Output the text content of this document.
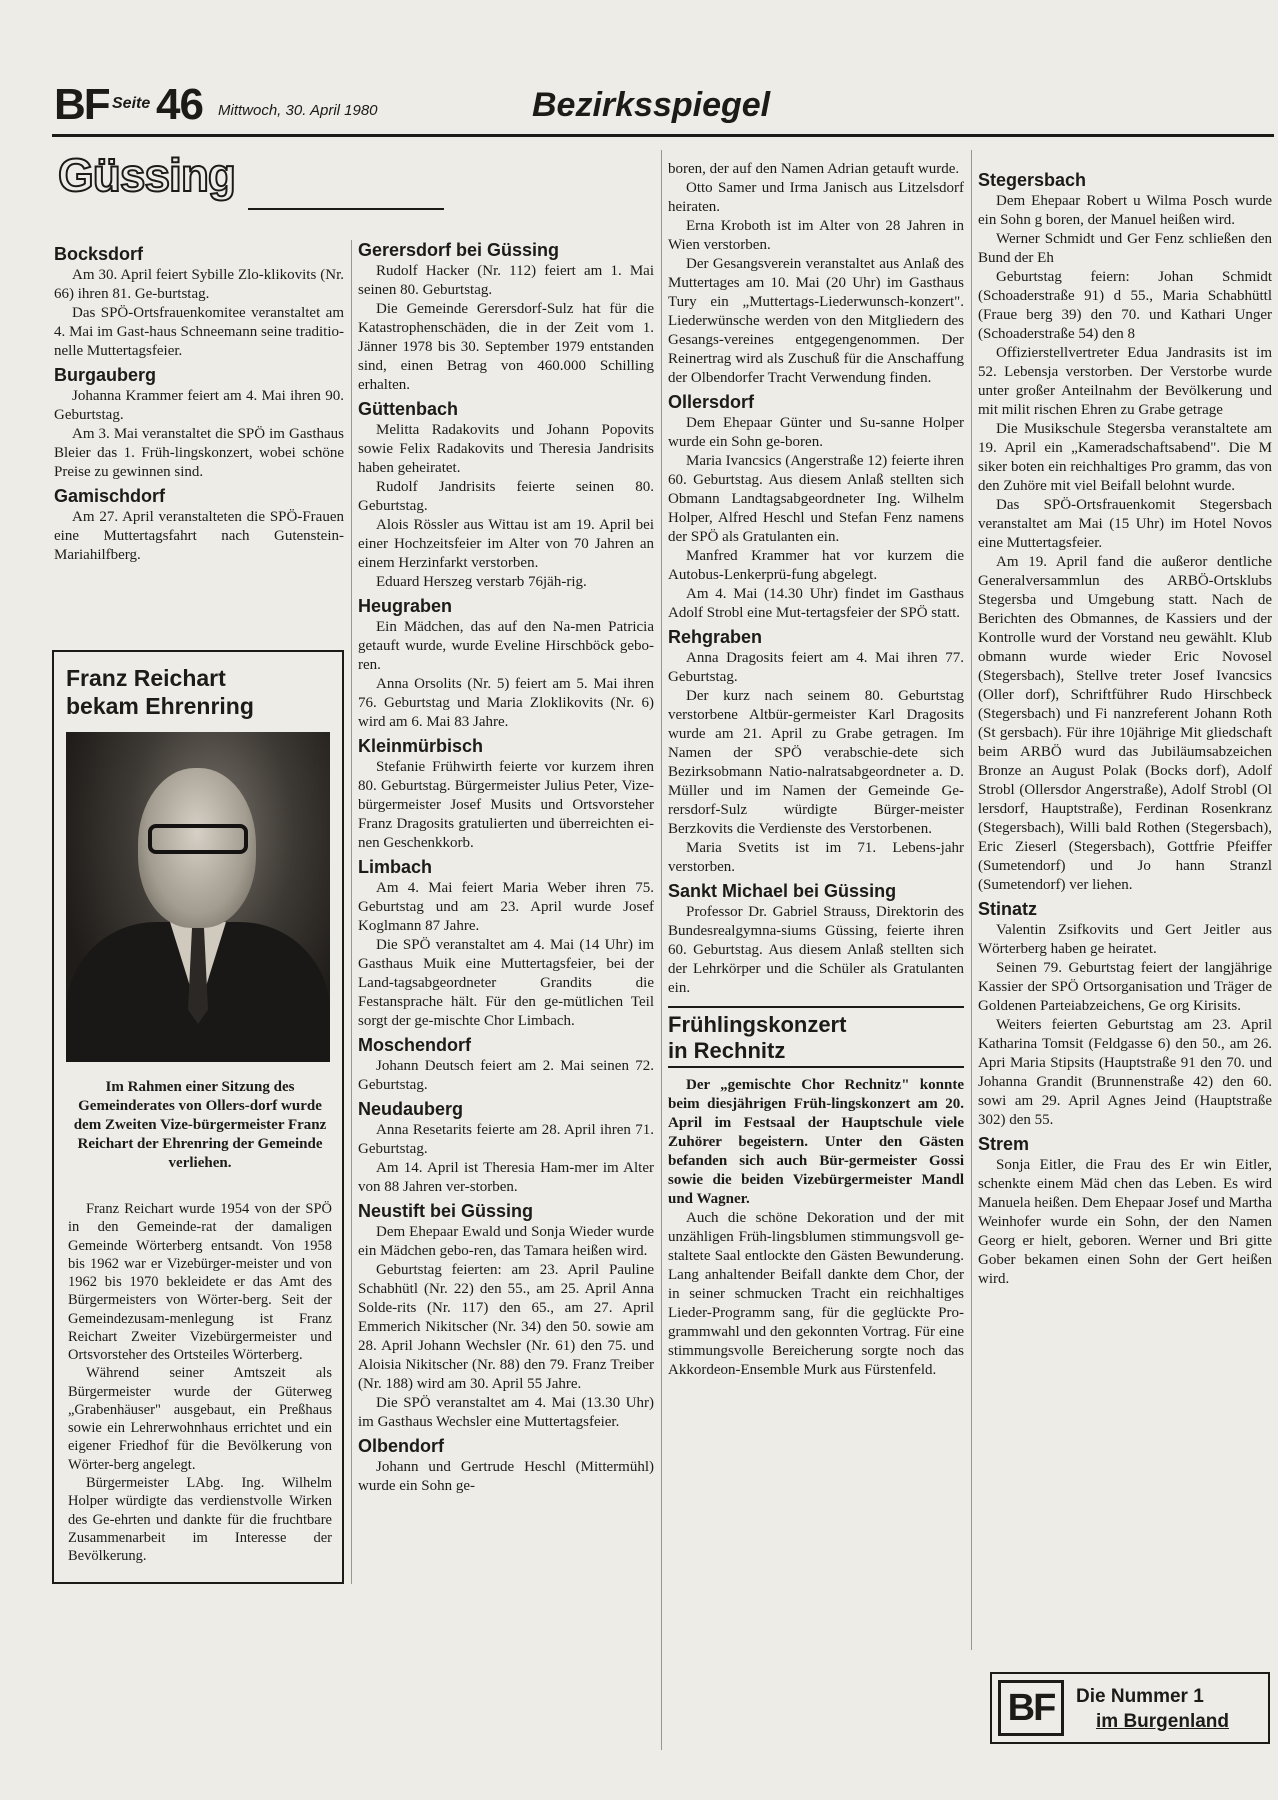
BF Seite 46 Mittwoch, 30. April 1980	Bezirksspiegel
Güssing
Bocksdorf

Am 30. April feiert Sybille Zlo-klikovits (Nr. 66) ihren 81. Ge-burtstag.

Das SPÖ-Ortsfrauenkomitee veranstaltet am 4. Mai im Gast-haus Schneemann seine traditio-nelle Muttertagsfeier.

Burgauberg

Johanna Krammer feiert am 4. Mai ihren 90. Geburtstag.

Am 3. Mai veranstaltet die SPÖ im Gasthaus Bleier das 1. Früh-lingskonzert, wobei schöne Preise zu gewinnen sind.

Gamischdorf

Am 27. April veranstalteten die SPÖ-Frauen eine Muttertagsfahrt nach Gutenstein-Mariahilfberg.

Franz Reichart
bekam Ehrenring
Im Rahmen einer Sitzung des Gemeinderates von Ollers-dorf wurde dem Zweiten Vize-bürgermeister Franz Reichart der Ehrenring der Gemeinde verliehen.

Franz Reichart wurde 1954 von der SPÖ in den Gemeinde-rat der damaligen Gemeinde Wörterberg entsandt. Von 1958 bis 1962 war er Vizebürger-meister und von 1962 bis 1970 bekleidete er das Amt des Bürgermeisters von Wörter-berg. Seit der Gemeindezusam-menlegung ist Franz Reichart Zweiter Vizebürgermeister und Ortsvorsteher des Ortsteiles Wörterberg.

Während seiner Amtszeit als Bürgermeister wurde der Güterweg „Grabenhäuser" ausgebaut, ein Preßhaus sowie ein Lehrerwohnhaus errichtet und ein eigener Friedhof für die Bevölkerung von Wörter-berg angelegt.

Bürgermeister LAbg. Ing. Wilhelm Holper würdigte das verdienstvolle Wirken des Ge-ehrten und dankte für die fruchtbare Zusammenarbeit im Interesse der Bevölkerung.

Gerersdorf bei Güssing

Rudolf Hacker (Nr. 112) feiert am 1. Mai seinen 80. Geburtstag.

Die Gemeinde Gerersdorf-Sulz hat für die Katastrophenschäden, die in der Zeit vom 1. Jänner 1978 bis 30. September 1979 entstanden sind, einen Betrag von 460.000 Schilling erhalten.

Güttenbach

Melitta Radakovits und Johann Popovits sowie Felix Radakovits und Theresia Jandrisits haben geheiratet.

Rudolf Jandrisits feierte seinen 80. Geburtstag.

Alois Rössler aus Wittau ist am 19. April bei einer Hochzeitsfeier im Alter von 70 Jahren an einem Herzinfarkt verstorben.

Eduard Herszeg verstarb 76jäh-rig.

Heugraben

Ein Mädchen, das auf den Na-men Patricia getauft wurde, wurde Eveline Hirschböck gebo-ren.

Anna Orsolits (Nr. 5) feiert am 5. Mai ihren 76. Geburtstag und Maria Zloklikovits (Nr. 6) wird am 6. Mai 83 Jahre.

Kleinmürbisch

Stefanie Frühwirth feierte vor kurzem ihren 80. Geburtstag. Bürgermeister Julius Peter, Vize-bürgermeister Josef Musits und Ortsvorsteher Franz Dragosits gratulierten und überreichten ei-nen Geschenkkorb.

Limbach

Am 4. Mai feiert Maria Weber ihren 75. Geburtstag und am 23. April wurde Josef Koglmann 87 Jahre.

Die SPÖ veranstaltet am 4. Mai (14 Uhr) im Gasthaus Muik eine Muttertagsfeier, bei der Land-tagsabgeordneter Grandits die Festansprache hält. Für den ge-mütlichen Teil sorgt der ge-mischte Chor Limbach.

Moschendorf

Johann Deutsch feiert am 2. Mai seinen 72. Geburtstag.

Neudauberg

Anna Resetarits feierte am 28. April ihren 71. Geburtstag.

Am 14. April ist Theresia Ham-mer im Alter von 88 Jahren ver-storben.

Neustift bei Güssing

Dem Ehepaar Ewald und Sonja Wieder wurde ein Mädchen gebo-ren, das Tamara heißen wird.

Geburtstag feierten: am 23. April Pauline Schabhütl (Nr. 22) den 55., am 25. April Anna Solde-rits (Nr. 117) den 65., am 27. April Emmerich Nikitscher (Nr. 34) den 50. sowie am 28. April Johann Wechsler (Nr. 61) den 75. und Aloisia Nikitscher (Nr. 88) den 79. Franz Treiber (Nr. 188) wird am 30. April 55 Jahre.

Die SPÖ veranstaltet am 4. Mai (13.30 Uhr) im Gasthaus Wechsler eine Muttertagsfeier.

Olbendorf

Johann und Gertrude Heschl (Mittermühl) wurde ein Sohn ge-

boren, der auf den Namen Adrian getauft wurde.

Otto Samer und Irma Janisch aus Litzelsdorf heiraten.

Erna Kroboth ist im Alter von 28 Jahren in Wien verstorben.

Der Gesangsverein veranstaltet aus Anlaß des Muttertages am 10. Mai (20 Uhr) im Gasthaus Tury ein „Muttertags-Liederwunsch-konzert". Liederwünsche werden von den Mitgliedern des Gesangs-vereines entgegengenommen. Der Reinertrag wird als Zuschuß für die Anschaffung der Olbendorfer Tracht Verwendung finden.

Ollersdorf

Dem Ehepaar Günter und Su-sanne Holper wurde ein Sohn ge-boren.

Maria Ivancsics (Angerstraße 12) feierte ihren 60. Geburtstag. Aus diesem Anlaß stellten sich Obmann Landtagsabgeordneter Ing. Wilhelm Holper, Alfred Heschl und Stefan Fenz namens der SPÖ als Gratulanten ein.

Manfred Krammer hat vor kurzem die Autobus-Lenkerprü-fung abgelegt.

Am 4. Mai (14.30 Uhr) findet im Gasthaus Adolf Strobl eine Mut-tertagsfeier der SPÖ statt.

Rehgraben

Anna Dragosits feiert am 4. Mai ihren 77. Geburtstag.

Der kurz nach seinem 80. Geburtstag verstorbene Altbür-germeister Karl Dragosits wurde am 21. April zu Grabe getragen. Im Namen der SPÖ verabschie-dete sich Bezirksobmann Natio-nalratsabgeordneter a. D. Müller und im Namen der Gemeinde Ge-rersdorf-Sulz würdigte Bürger-meister Berzkovits die Verdienste des Verstorbenen.

Maria Svetits ist im 71. Lebens-jahr verstorben.

Sankt Michael bei Güssing

Professor Dr. Gabriel Strauss, Direktorin des Bundesrealgymna-siums Güssing, feierte ihren 60. Geburtstag. Aus diesem Anlaß stellten sich der Lehrkörper und die Schüler als Gratulanten ein.

Frühlingskonzert
in Rechnitz

Der „gemischte Chor Rechnitz" konnte beim diesjährigen Früh-lingskonzert am 20. April im Festsaal der Hauptschule viele Zuhörer begeistern. Unter den Gästen befanden sich auch Bür-germeister Gossi sowie die beiden Vizebürgermeister Mandl und Wagner.

Auch die schöne Dekoration und der mit unzähligen Früh-lingsblumen stimmungsvoll ge-staltete Saal entlockte den Gästen Bewunderung. Lang anhaltender Beifall dankte dem Chor, der in seiner schmucken Tracht ein reichhaltiges Lieder-Programm sang, für die geglückte Pro-grammwahl und den gekonnten Vortrag. Für eine stimmungsvolle Bereicherung sorgte noch das Akkordeon-Ensemble Murk aus Fürstenfeld.

Stegersbach

Dem Ehepaar Robert u Wilma Posch wurde ein Sohn g boren, der Manuel heißen wird.

Werner Schmidt und Ger Fenz schließen den Bund der Eh

Geburtstag feiern: Johan Schmidt (Schoaderstraße 91) d 55., Maria Schabhüttl (Fraue berg 39) den 70. und Kathari Unger (Schoaderstraße 54) den 8

Offizierstellvertreter Edua Jandrasits ist im 52. Lebensja verstorben. Der Verstorbe wurde unter großer Anteilnahm der Bevölkerung und mit milit rischen Ehren zu Grabe getrage

Die Musikschule Stegersba veranstaltete am 19. April ein „Kameradschaftsabend". Die M siker boten ein reichhaltiges Pro gramm, das von den Zuhöre mit viel Beifall belohnt wurde.

Das SPÖ-Ortsfrauenkomit Stegersbach veranstaltet am Mai (15 Uhr) im Hotel Novos eine Muttertagsfeier.

Am 19. April fand die außeror dentliche Generalversammlun des ARBÖ-Ortsklubs Stegersba und Umgebung statt. Nach de Berichten des Obmannes, de Kassiers und der Kontrolle wurd der Vorstand neu gewählt. Klub obmann wurde wieder Eric Novosel (Stegersbach), Stellve treter Josef Ivancsics (Oller dorf), Schriftführer Rudo Hirschbeck (Stegersbach) und Fi nanzreferent Johann Roth (St gersbach). Für ihre 10jährige Mit gliedschaft beim ARBÖ wurd das Jubiläumsabzeichen Bronze an August Polak (Bocks dorf), Adolf Strobl (Ollersdor Angerstraße), Adolf Strobl (Ol lersdorf, Hauptstraße), Ferdinan Rosenkranz (Stegersbach), Willi bald Rothen (Stegersbach), Eric Zieserl (Stegersbach), Gottfrie Pfeiffer (Sumetendorf) und Jo hann Stranzl (Sumetendorf) ver liehen.

Stinatz

Valentin Zsifkovits und Gert Jeitler aus Wörterberg haben ge heiratet.

Seinen 79. Geburtstag feiert der langjährige Kassier der SPÖ Ortsorganisation und Träger de Goldenen Parteiabzeichens, Ge org Kirisits.

Weiters feierten Geburtstag am 23. April Katharina Tomsit (Feldgasse 6) den 50., am 26. Apri Maria Stipsits (Hauptstraße 91 den 70. und Johanna Grandit (Brunnenstraße 42) den 60. sowi am 29. April Agnes Jeind (Hauptstraße 302) den 55.

Strem

Sonja Eitler, die Frau des Er win Eitler, schenkte einem Mäd chen das Leben. Es wird Manuela heißen. Dem Ehepaar Josef und Martha Weinhofer wurde ein Sohn, der den Namen Georg er hielt, geboren. Werner und Bri gitte Gober bekamen einen Sohn der Gert heißen wird.

BF	Die Nummer 1
im Burgenland
